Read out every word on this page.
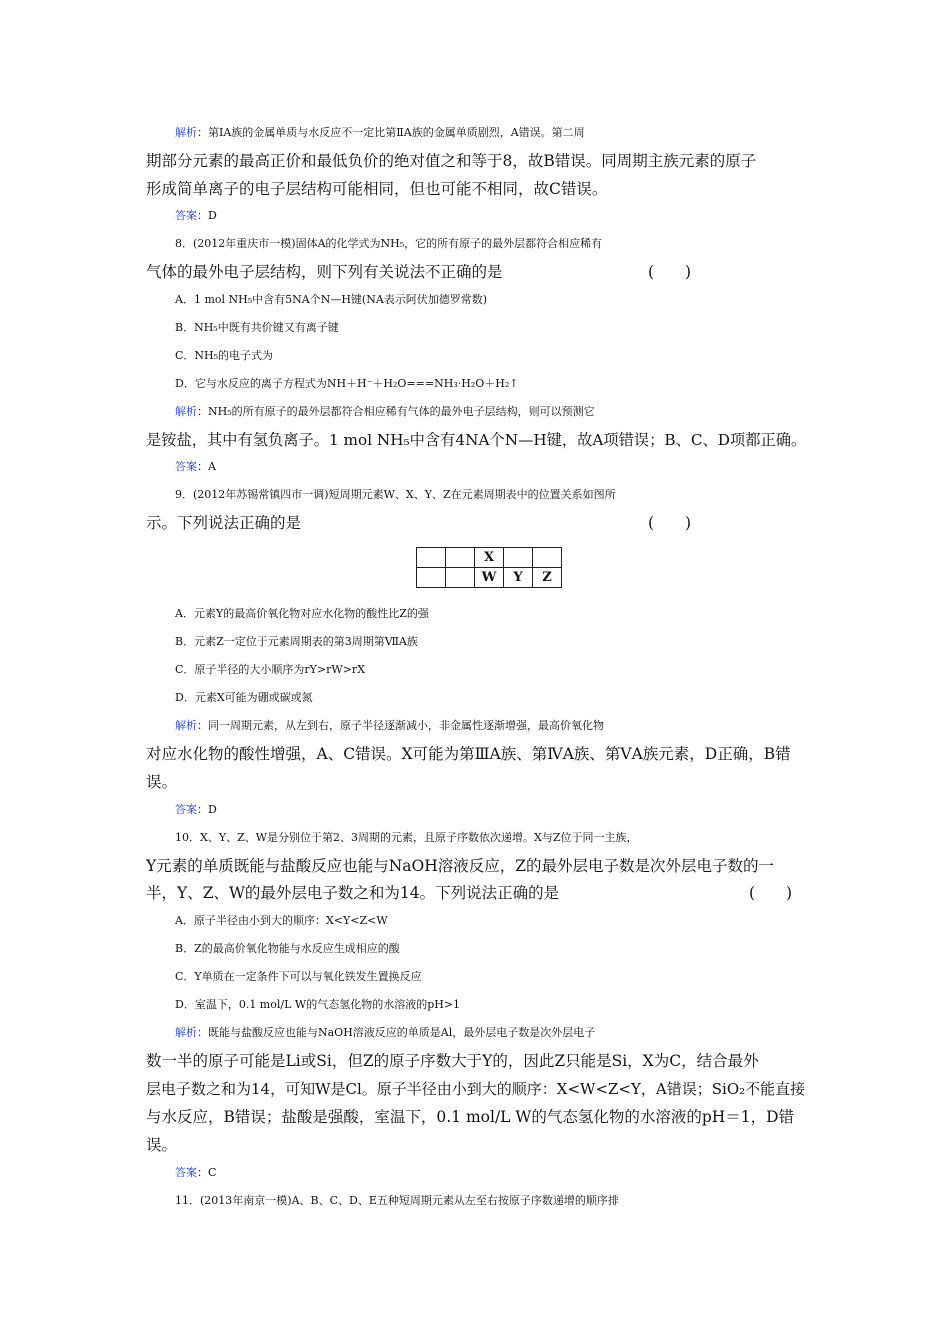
解析：第ⅠA族的金属单质与水反应不一定比第ⅡA族的金属单质剧烈，A错误。第二周
期部分元素的最高正价和最低负价的绝对值之和等于8，故B错误。同周期主族元素的原子
形成简单离子的电子层结构可能相同，但也可能不相同，故C错误。
答案：D
8．(2012年重庆市一模)固体A的化学式为NH₅，它的所有原子的最外层都符合相应稀有
气体的最外电子层结构，则下列有关说法不正确的是	(　　)
A．1 mol NH₅中含有5NA个N—H键(NA表示阿伏加德罗常数)
B．NH₅中既有共价键又有离子键
C．NH₅的电子式为
D．它与水反应的离子方程式为NH＋H⁻＋H₂O===NH₃·H₂O＋H₂↑
解析：NH₅的所有原子的最外层都符合相应稀有气体的最外电子层结构，则可以预测它
是铵盐，其中有氢负离子。1 mol NH₅中含有4NA个N—H键，故A项错误；B、C、D项都正确。
答案：A
9．(2012年苏锡常镇四市一调)短周期元素W、X、Y、Z在元素周期表中的位置关系如图所
示。下列说法正确的是	(　　)
		X		
		W	Y	Z
A．元素Y的最高价氧化物对应水化物的酸性比Z的强
B．元素Z一定位于元素周期表的第3周期第ⅦA族
C．原子半径的大小顺序为rY>rW>rX
D．元素X可能为硼或碳或氮
解析：同一周期元素，从左到右，原子半径逐渐减小，非金属性逐渐增强，最高价氧化物
对应水化物的酸性增强，A、C错误。X可能为第ⅢA族、第ⅣA族、第ⅤA族元素，D正确，B错
误。
答案：D
10．X、Y、Z、W是分别位于第2、3周期的元素，且原子序数依次递增。X与Z位于同一主族，
Y元素的单质既能与盐酸反应也能与NaOH溶液反应，Z的最外层电子数是次外层电子数的一
半，Y、Z、W的最外层电子数之和为14。下列说法正确的是	(　　)
A．原子半径由小到大的顺序：X<Y<Z<W
B．Z的最高价氧化物能与水反应生成相应的酸
C．Y单质在一定条件下可以与氧化铁发生置换反应
D．室温下，0.1 mol/L W的气态氢化物的水溶液的pH>1
解析：既能与盐酸反应也能与NaOH溶液反应的单质是Al，最外层电子数是次外层电子
数一半的原子可能是Li或Si，但Z的原子序数大于Y的，因此Z只能是Si，X为C，结合最外
层电子数之和为14，可知W是Cl。原子半径由小到大的顺序：X<W<Z<Y，A错误；SiO₂不能直接
与水反应，B错误；盐酸是强酸，室温下，0.1 mol/L W的气态氢化物的水溶液的pH＝1，D错
误。
答案：C
11．(2013年南京一模)A、B、C、D、E五种短周期元素从左至右按原子序数递增的顺序排
